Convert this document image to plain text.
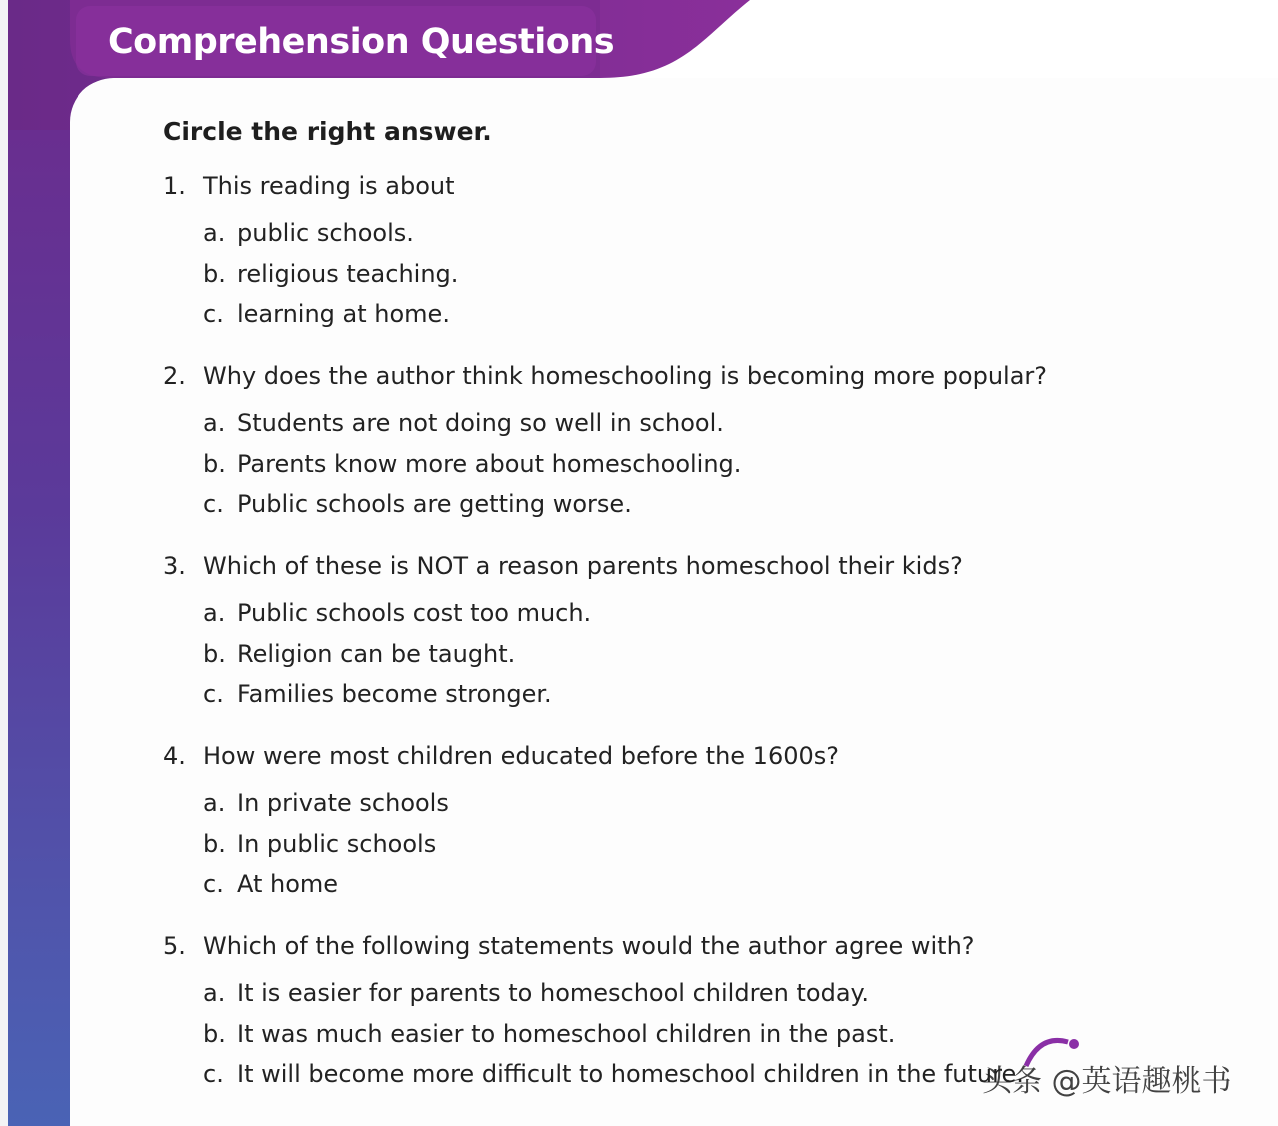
Comprehension Questions
Circle the right answer.
1. This reading is about
a. public schools.
b. religious teaching.
c. learning at home.
2. Why does the author think homeschooling is becoming more popular?
a. Students are not doing so well in school.
b. Parents know more about homeschooling.
c. Public schools are getting worse.
3. Which of these is NOT a reason parents homeschool their kids?
a. Public schools cost too much.
b. Religion can be taught.
c. Families become stronger.
4. How were most children educated before the 1600s?
a. In private schools
b. In public schools
c. At home
5. Which of the following statements would the author agree with?
a. It is easier for parents to homeschool children today.
b. It was much easier to homeschool children in the past.
c. It will become more difficult to homeschool children in the future.
头条 @英语趣桃书
